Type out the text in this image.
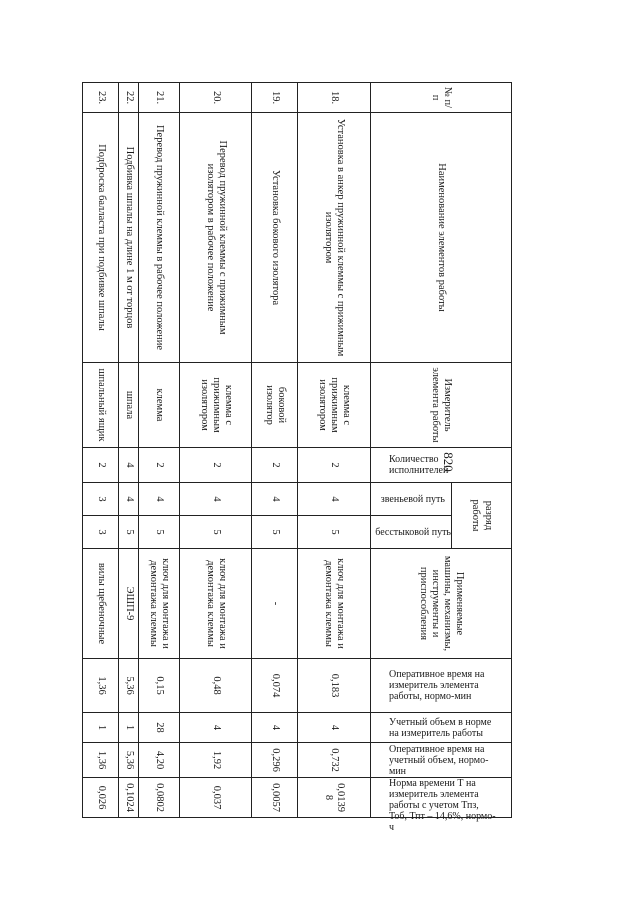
820
№ п/п	Наименование элементов работы	Измеритель элемента работы	Количество исполнителей	разряд работы		Применяемые машины, механизмы, инструменты и приспособления	Оперативное время на измеритель элемента работы, нормо-мин	Учетный объем в норме на измеритель работы	Оперативное время на учетный объем, нормо-мин	Норма времени Т на измеритель элемента работы с учетом Тпз, Тоб, Тпт – 14,6%, нормо-ч
				звеньевой путь	бесстыковой путь					
18.	Установка в анкер пружинной клеммы с прижимным изолятором	клемма с прижимным изолятором	2	4	5	ключ для монтажа и демонтажа клеммы	0,183	4	0,732	0,0139 8
19.	Установка бокового изолятора	боковой изолятор	2	4	5	-	0,074	4	0,296	0,0057
20.	Перевод пружинной клеммы с прижимным изолятором в рабочее положение	клемма с прижимным изолятором	2	4	5	ключ для монтажа и демонтажа клеммы	0,48	4	1,92	0,037
21.	Перевод пружинной клеммы в рабочее положение	клемма	2	4	5	ключ для монтажа и демонтажа клеммы	0,15	28	4,20	0,0802
22.	Подбивка шпалы на длине 1 м от торцов	шпала	4	4	5	ЭШП-9	5,36	1	5,36	0,1024
23.	Подброска балласта при подбивке шпалы	шпальный ящик	2	3	3	вилы щебеночные	1,36	1	1,36	0,026
